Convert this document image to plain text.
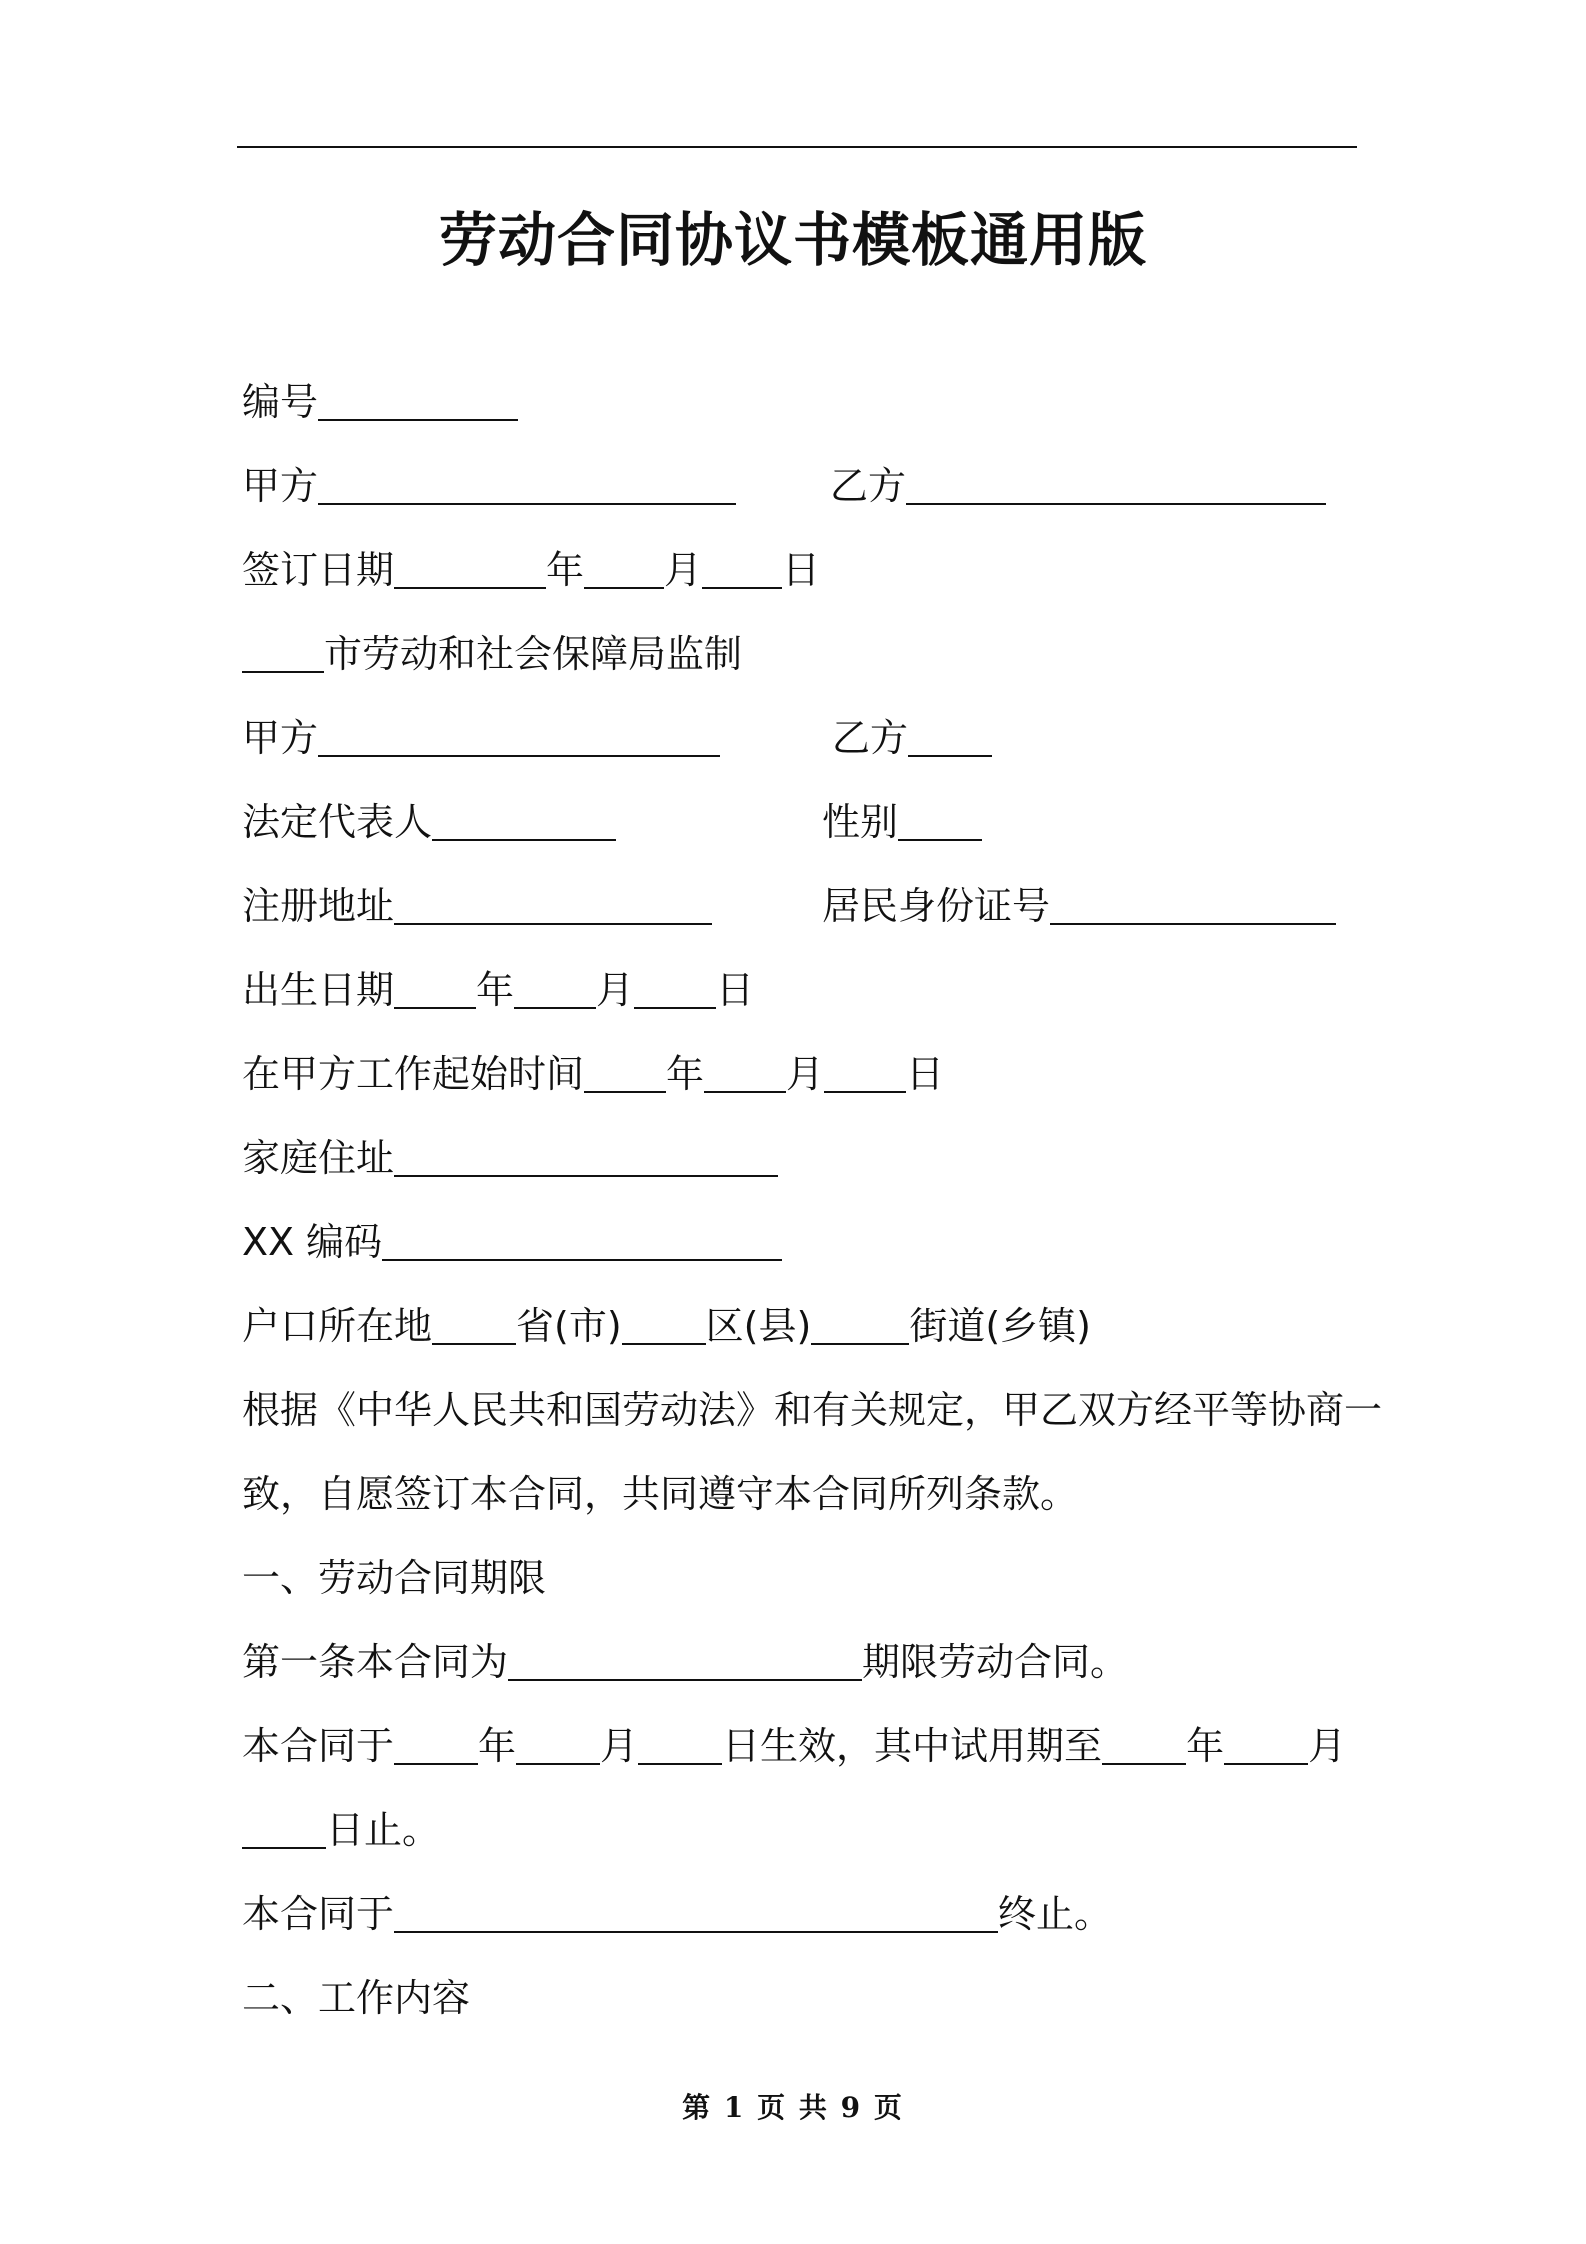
劳动合同协议书模板通用版
编号
甲方	乙方
签订日期	年 月 日
市劳动和社会保障局监制
甲方	乙方
法定代表人	性别
注册地址	居民身份证号
出生日期 年 月 日
在甲方工作起始时间 年 月 日
家庭住址
XX 编码
户口所在地 省(市) 区(县)	街道(乡镇)
根据《中华人民共和国劳动法》和有关规定，甲乙双方经平等协商一
致，自愿签订本合同，共同遵守本合同所列条款。
一、劳动合同期限
第一条本合同为	期限劳动合同。
本合同于 年 月 日生效，其中试用期至 年 月
日止。
本合同于	终止。
二、工作内容
第 1 页 共 9 页
